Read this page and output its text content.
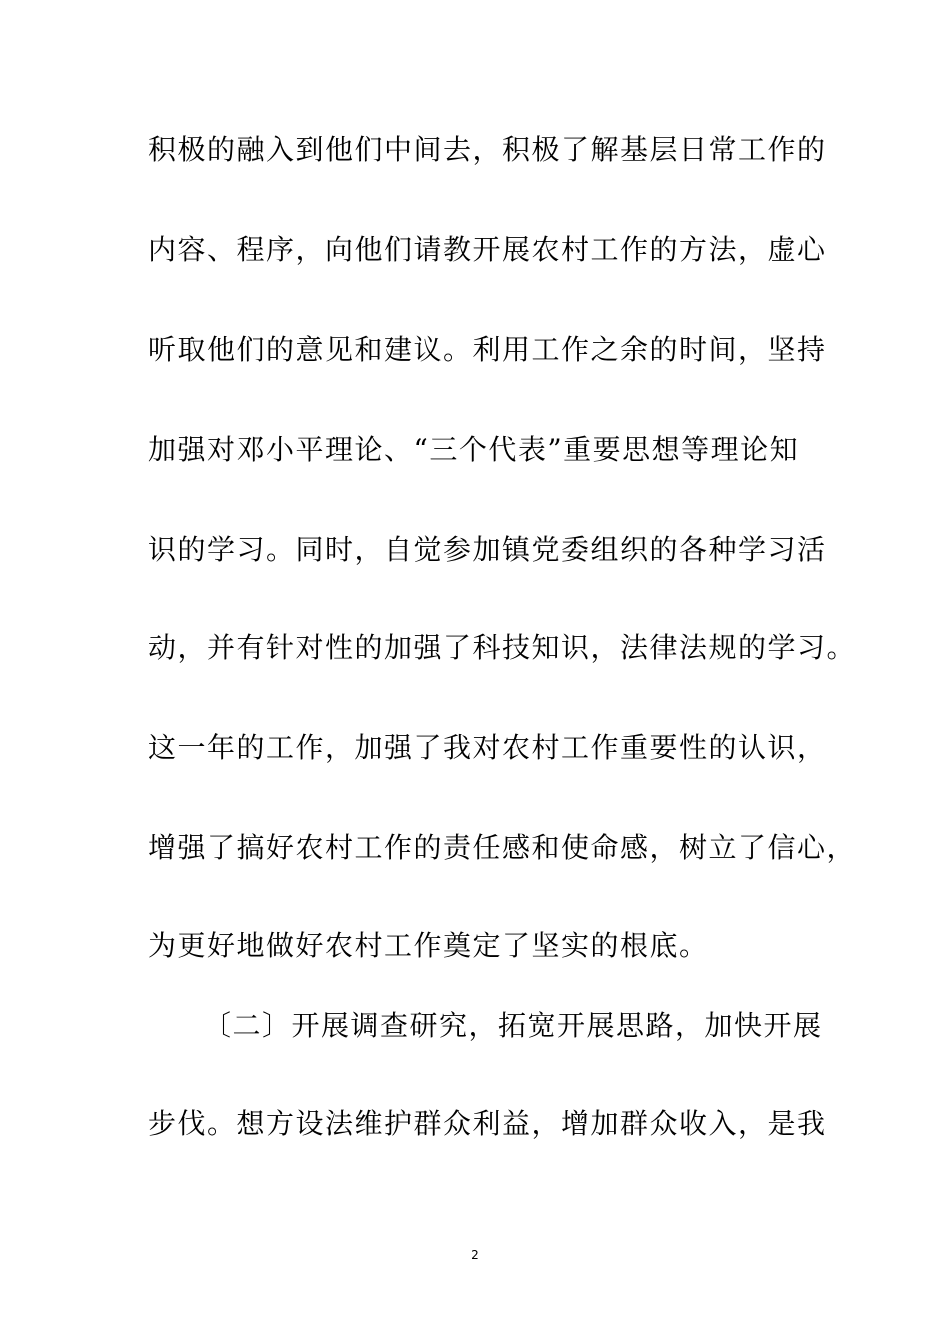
积极的融入到他们中间去，积极了解基层日常工作的
内容、程序，向他们请教开展农村工作的方法，虚心
听取他们的意见和建议。利用工作之余的时间，坚持
加强对邓小平理论、“三个代表”重要思想等理论知
识的学习。同时，自觉参加镇党委组织的各种学习活
动，并有针对性的加强了科技知识，法律法规的学习。
这一年的工作，加强了我对农村工作重要性的认识，
增强了搞好农村工作的责任感和使命感，树立了信心，
为更好地做好农村工作奠定了坚实的根底。
〔二〕开展调查研究，拓宽开展思路，加快开展
步伐。想方设法维护群众利益，增加群众收入，是我
2
